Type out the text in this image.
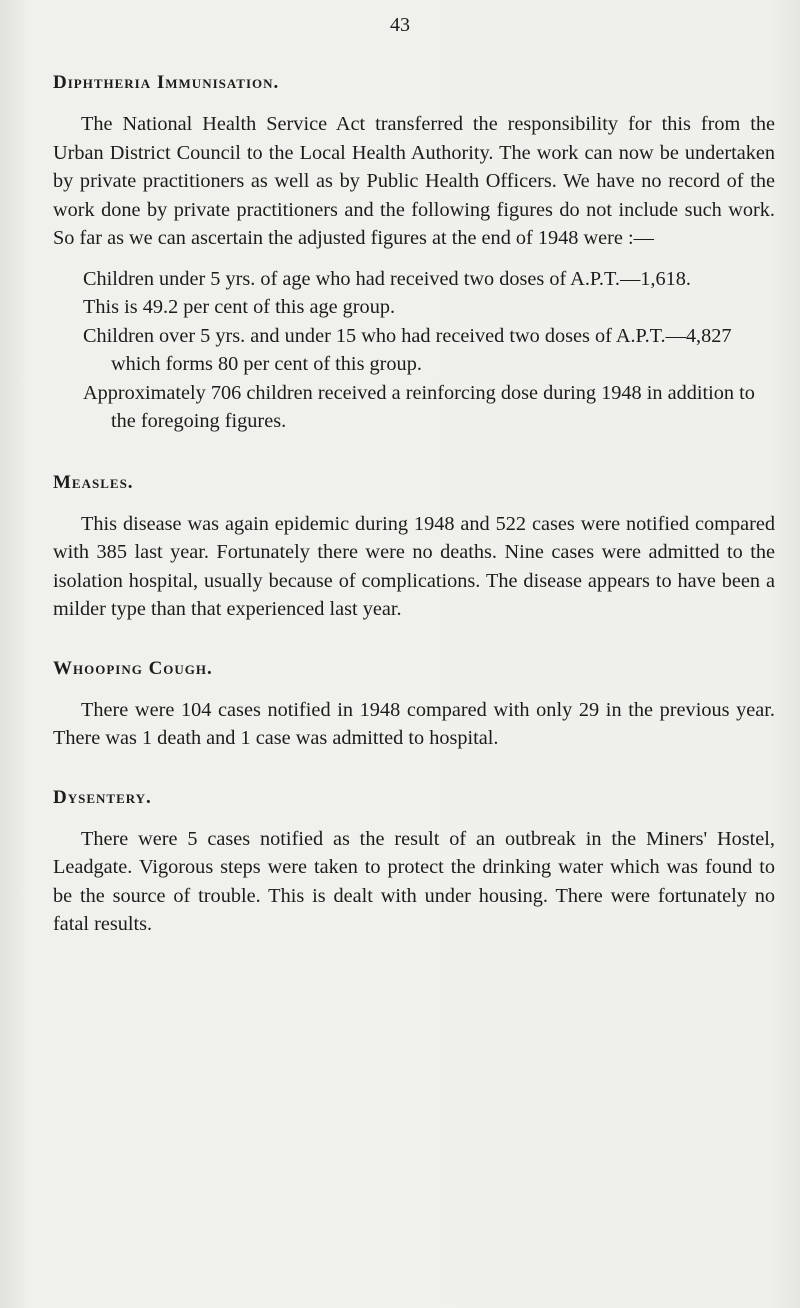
43
Diphtheria Immunisation.

The National Health Service Act transferred the responsibility for this from the Urban District Council to the Local Health Authority. The work can now be undertaken by private practitioners as well as by Public Health Officers. We have no record of the work done by private practitioners and the following figures do not include such work. So far as we can ascertain the adjusted figures at the end of 1948 were :—

Children under 5 yrs. of age who had received two doses of A.P.T.—1,618.
This is 49.2 per cent of this age group.
Children over 5 yrs. and under 15 who had received two doses of A.P.T.—4,827 which forms 80 per cent of this group.
Approximately 706 children received a reinforcing dose during 1948 in addition to the foregoing figures.
Measles.

This disease was again epidemic during 1948 and 522 cases were notified compared with 385 last year. Fortunately there were no deaths. Nine cases were admitted to the isolation hospital, usually because of complications. The disease appears to have been a milder type than that experienced last year.

Whooping Cough.

There were 104 cases notified in 1948 compared with only 29 in the previous year. There was 1 death and 1 case was admitted to hospital.

Dysentery.

There were 5 cases notified as the result of an outbreak in the Miners' Hostel, Leadgate. Vigorous steps were taken to protect the drinking water which was found to be the source of trouble. This is dealt with under housing. There were fortunately no fatal results.
